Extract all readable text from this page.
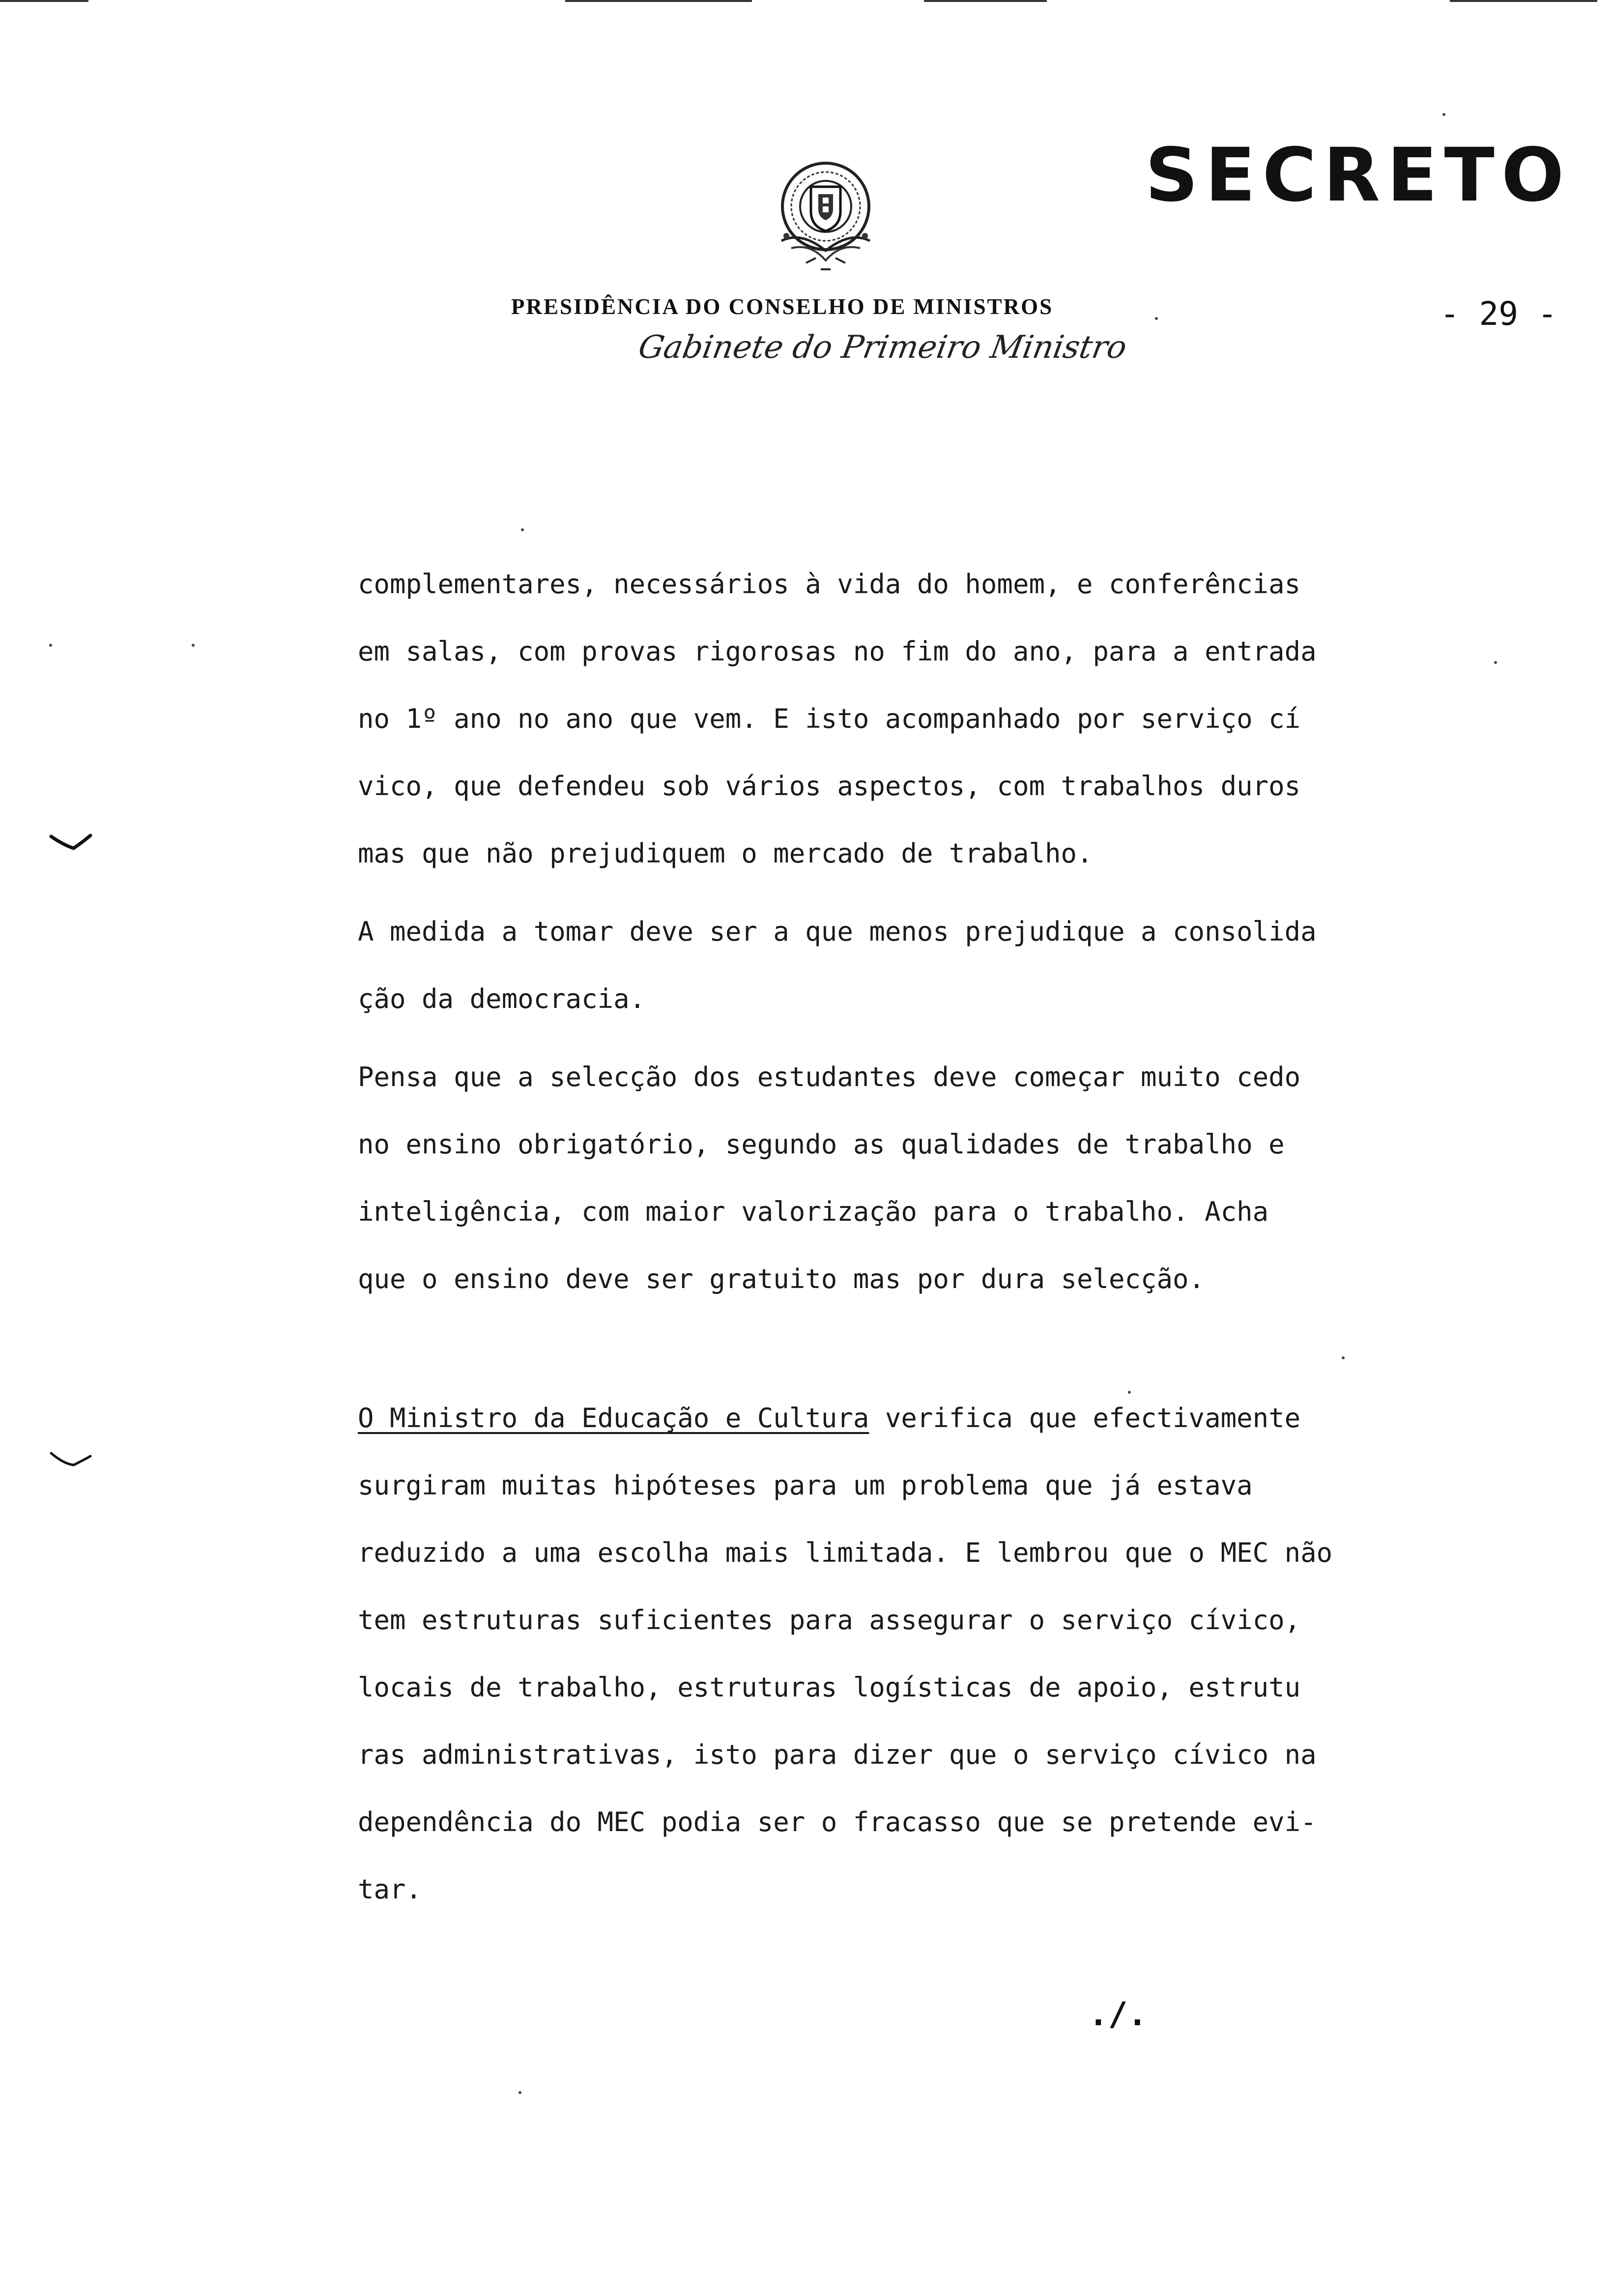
SECRETO
PRESIDÊNCIA DO CONSELHO DE MINISTROS
Gabinete do Primeiro Ministro
- 29 -
complementares, necessários à vida do homem, e conferências
em salas, com provas rigorosas no fim do ano, para a entrada
no 1º ano no ano que vem. E isto acompanhado por serviço cí
vico, que defendeu sob vários aspectos, com trabalhos duros
mas que não prejudiquem o mercado de trabalho.
A medida a tomar deve ser a que menos prejudique a consolida
ção da democracia.
Pensa que a selecção dos estudantes deve começar muito cedo
no ensino obrigatório, segundo as qualidades de trabalho e
inteligência, com maior valorização para o trabalho. Acha
que o ensino deve ser gratuito mas por dura selecção.
O Ministro da Educação e Cultura verifica que efectivamente
surgiram muitas hipóteses para um problema que já estava
reduzido a uma escolha mais limitada. E lembrou que o MEC não
tem estruturas suficientes para assegurar o serviço cívico,
locais de trabalho, estruturas logísticas de apoio, estrutu
ras administrativas, isto para dizer que o serviço cívico na
dependência do MEC podia ser o fracasso que se pretende evi-
tar.
./.
